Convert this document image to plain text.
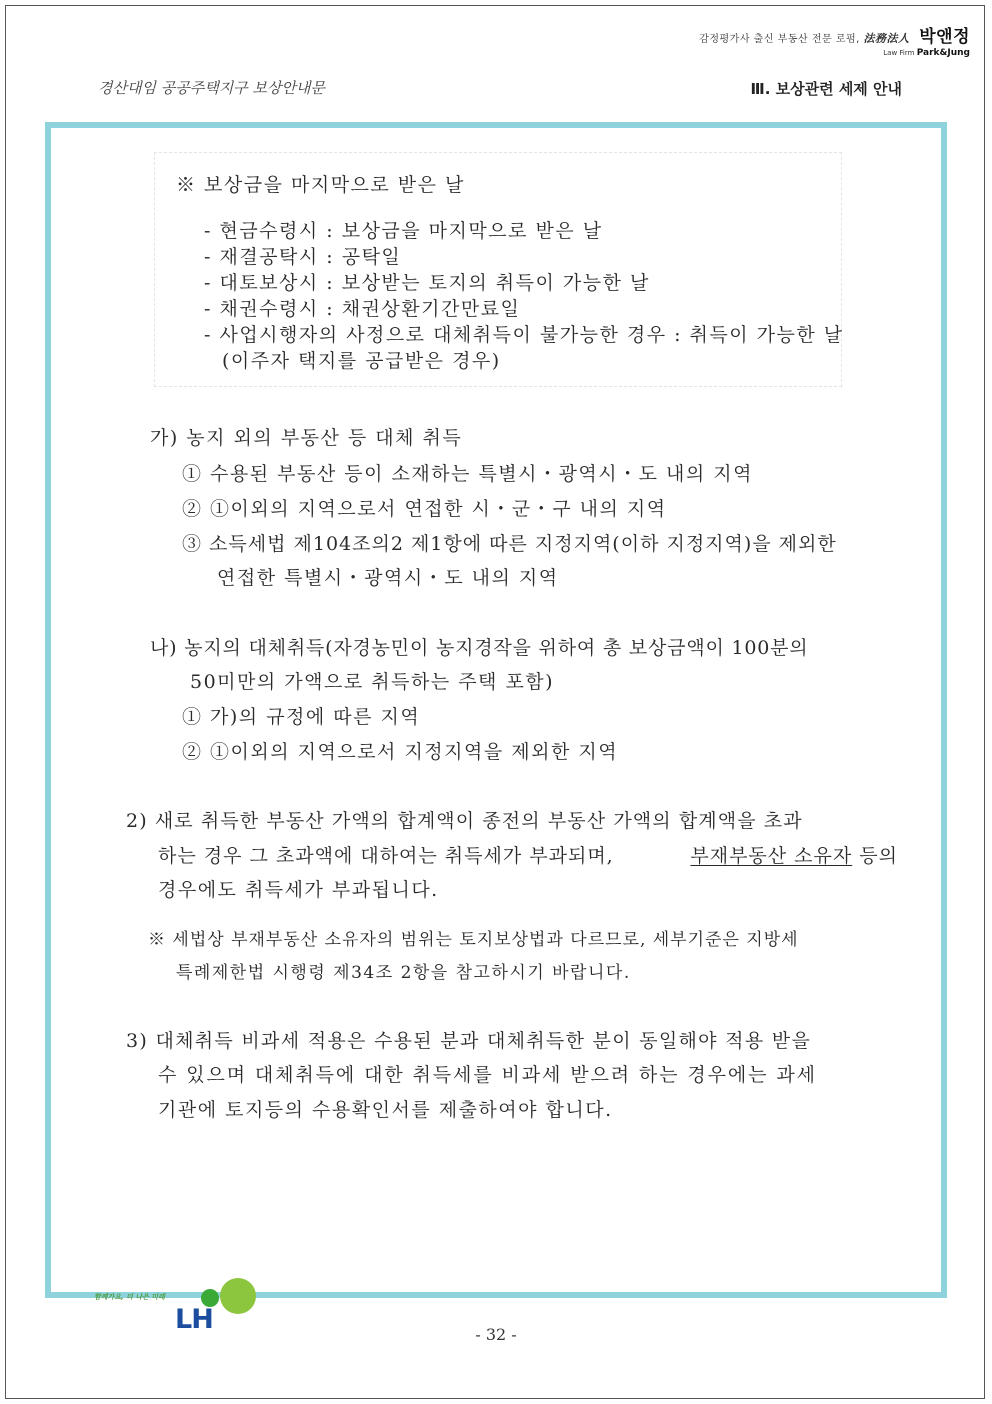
감정평가사 출신 부동산 전문 로펌, 法務法人 박앤정
Law Firm Park&Jung
경산대임 공공주택지구 보상안내문	Ⅲ. 보상관련 세제 안내
※ 보상금을 마지막으로 받은 날
- 현금수령시 : 보상금을 마지막으로 받은 날
- 재결공탁시 : 공탁일
- 대토보상시 : 보상받는 토지의 취득이 가능한 날
- 채권수령시 : 채권상환기간만료일
- 사업시행자의 사정으로 대체취득이 불가능한 경우 : 취득이 가능한 날
(이주자 택지를 공급받은 경우)
가) 농지 외의 부동산 등 대체 취득
① 수용된 부동산 등이 소재하는 특별시・광역시・도 내의 지역
② ①이외의 지역으로서 연접한 시・군・구 내의 지역
③ 소득세법 제104조의2 제1항에 따른 지정지역(이하 지정지역)을 제외한
연접한 특별시・광역시・도 내의 지역
나) 농지의 대체취득(자경농민이 농지경작을 위하여 총 보상금액이 100분의
50미만의 가액으로 취득하는 주택 포함)
① 가)의 규정에 따른 지역
② ①이외의 지역으로서 지정지역을 제외한 지역
2) 새로 취득한 부동산 가액의 합계액이 종전의 부동산 가액의 합계액을 초과
하는 경우 그 초과액에 대하여는 취득세가 부과되며,	부재부동산 소유자 등의
경우에도 취득세가 부과됩니다.
※ 세법상 부재부동산 소유자의 범위는 토지보상법과 다르므로, 세부기준은 지방세
특례제한법 시행령 제34조 2항을 참고하시기 바랍니다.
3) 대체취득 비과세 적용은 수용된 분과 대체취득한 분이 동일해야 적용 받을
수 있으며 대체취득에 대한 취득세를 비과세 받으려 하는 경우에는 과세
기관에 토지등의 수용확인서를 제출하여야 합니다.
함께가요, 더 나은 미래
LH	- 32 -
